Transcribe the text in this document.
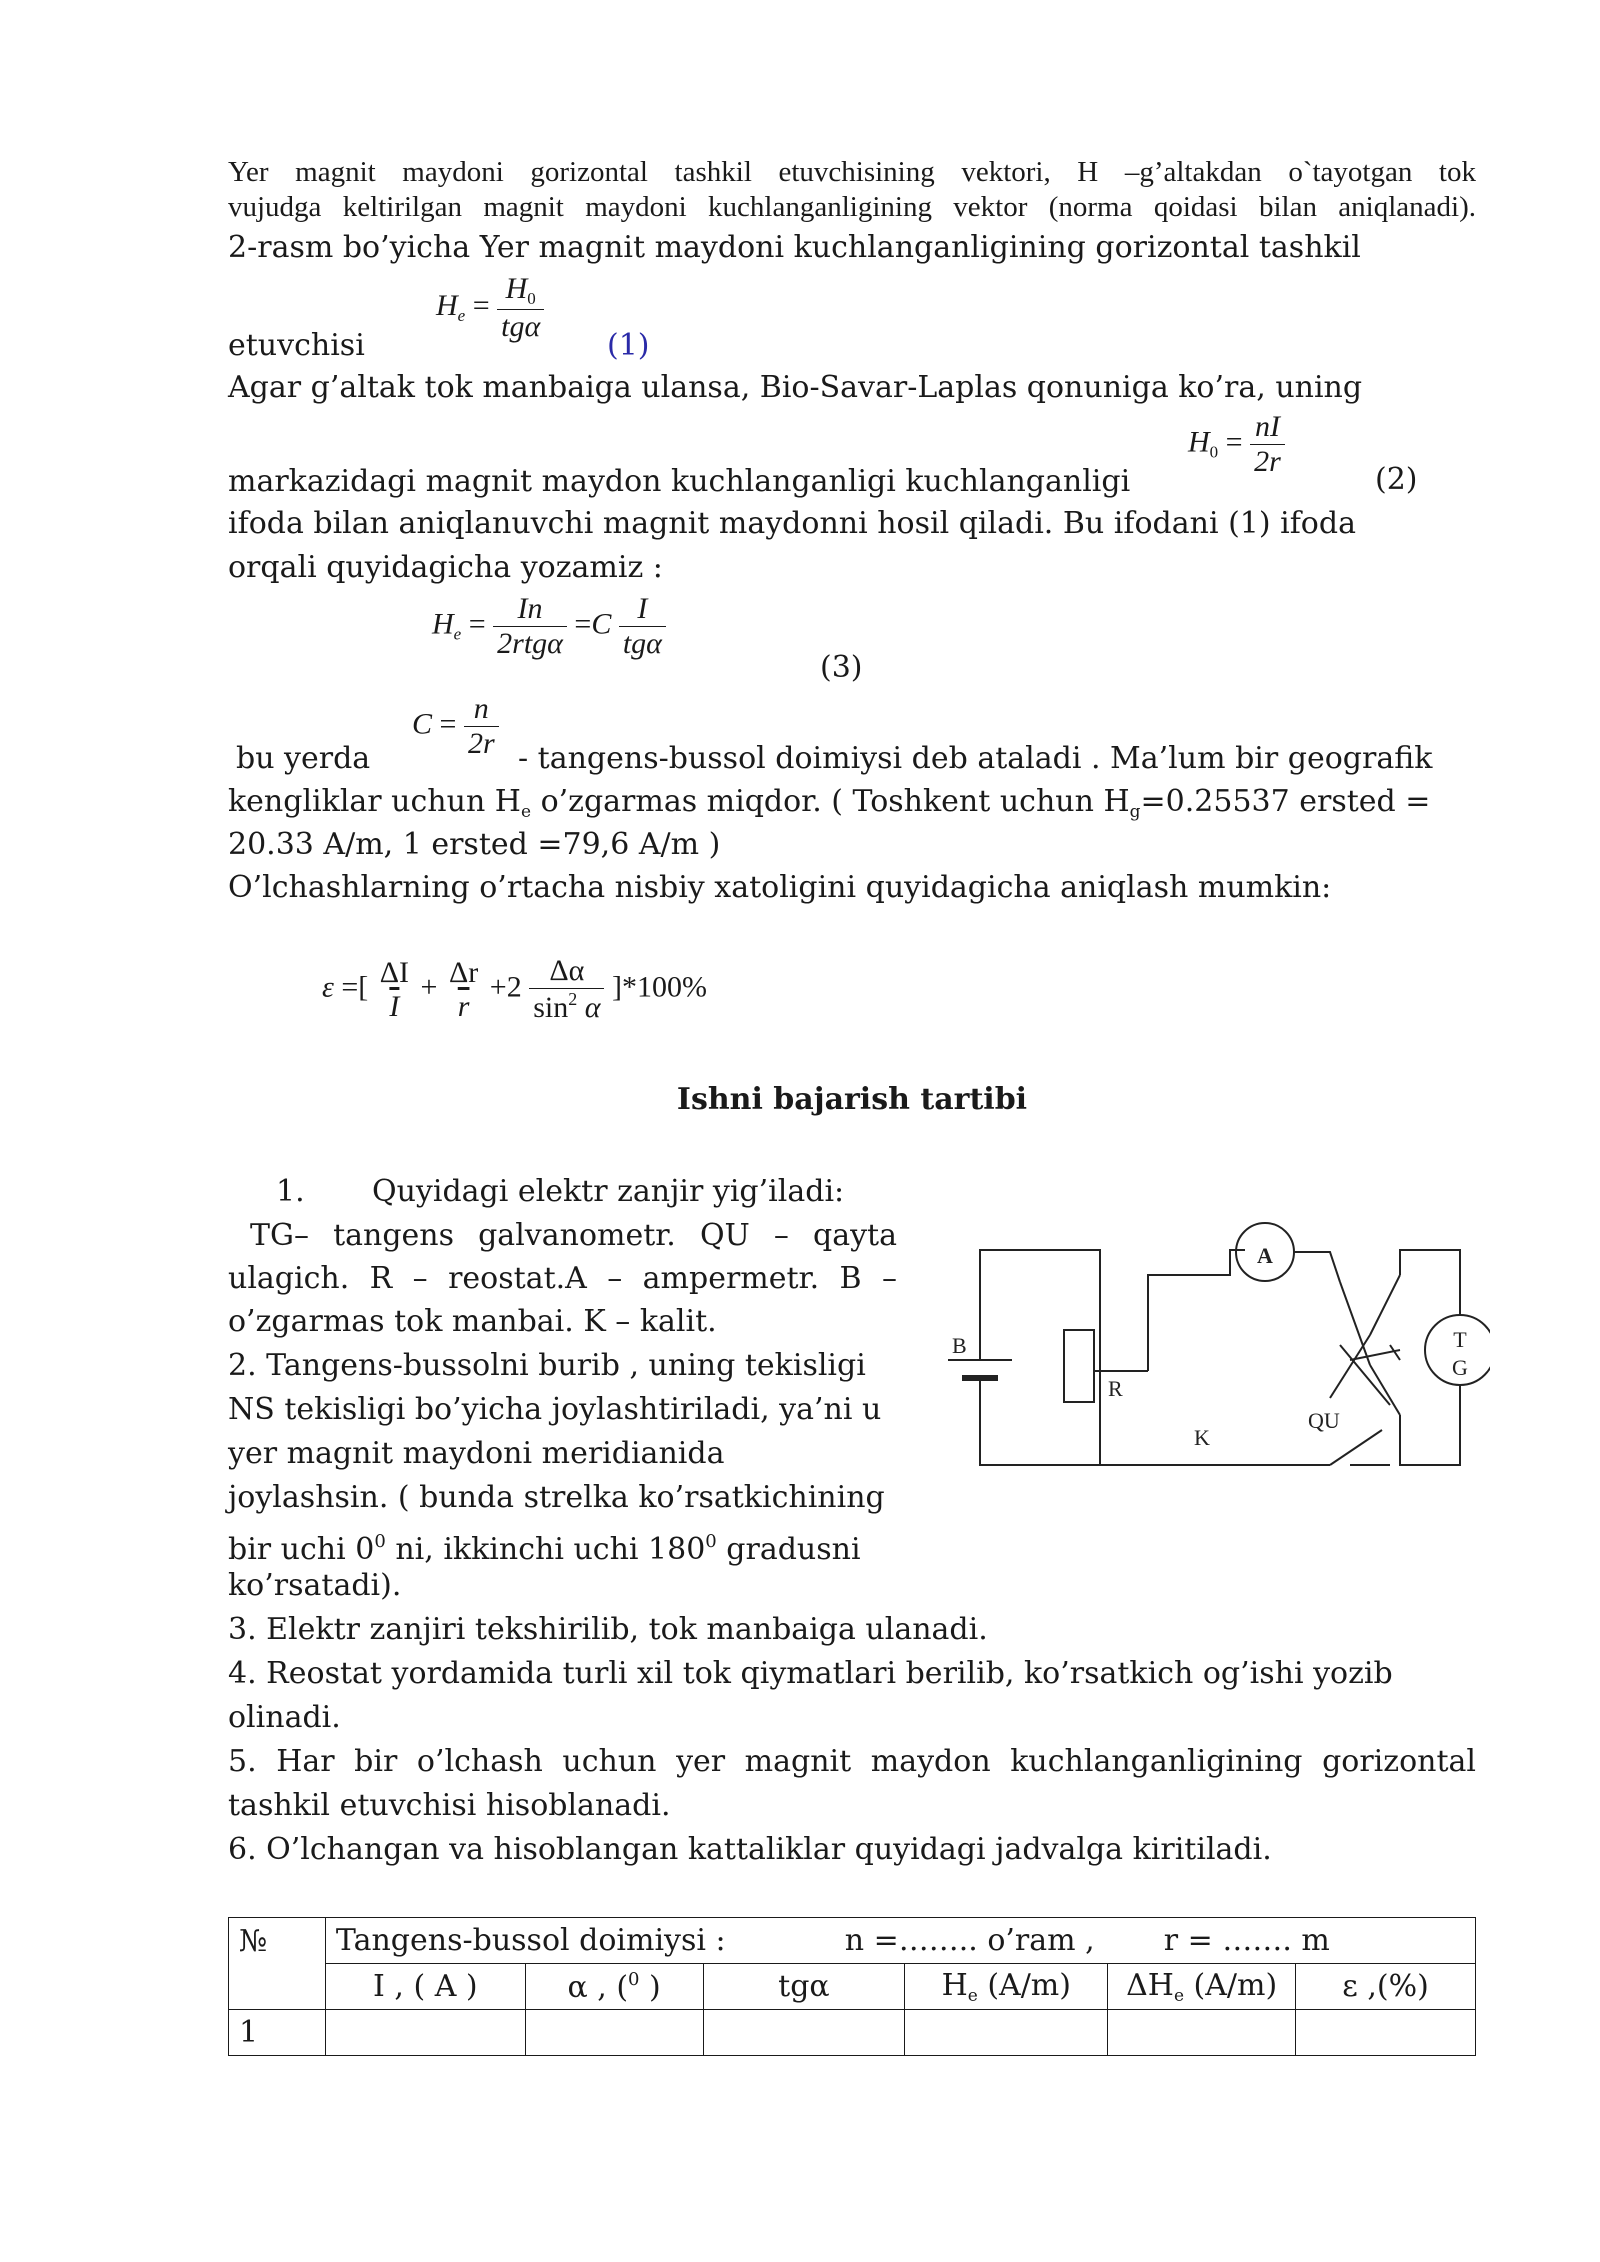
Yer magnit maydoni gorizontal tashkil etuvchisining vektori, H –g’altakdan o`tayotgan tok
vujudga keltirilgan magnit maydoni kuchlanganligining vektor (norma qoidasi bilan aniqlanadi).
2-rasm bo’yicha Yer magnit maydoni kuchlanganligining gorizontal tashkil
etuvchisi
$H_e = \frac{H_0}{\text{tgα}}$
(1)
Agar g’altak tok manbaiga ulansa, Bio-Savar-Laplas qonuniga ko’ra, uning
$H_0 = \frac{nI}{2r}$
(2)
markazidagi magnit maydon kuchlanganligi kuchlanganligi
ifoda bilan aniqlanuvchi magnit maydonni hosil qiladi. Bu ifodani (1) ifoda
orqali quyidagicha yozamiz :
$H_e = \frac{In}{\text{2rtgα}} =C \frac{I}{\text{tgα}}$
(3)
$C = \frac{n}{2r}$
bu yerda	- tangens-bussol doimiysi deb ataladi . Ma’lum bir geografik
kengliklar uchun $H_e$ o’zgarmas miqdor. ( Toshkent uchun $H_g=0.25537$ ersted =
20.33 A/m, 1 ersted =79,6 A/m )
O’lchashlarning o’rtacha nisbiy xatoligini quyidagicha aniqlash mumkin:
ε =[ $\frac{\Delta I}{I} + \frac{\Delta r}{r} +2 \frac{\Delta\alpha}{\sin^2 \alpha} ]*100\%$
Ishni bajarish tartibi
1. Quyidagi elektr zanjir yig’iladi:
TG– tangens galvanometr. QU – qayta
ulagich. R – reostat.A – ampermetr. B –
o’zgarmas tok manbai. K – kalit.
2. Tangens-bussolni burib , uning tekisligi
NS tekisligi bo’yicha joylashtiriladi, ya’ni u
yer magnit maydoni meridianida
joylashsin. ( bunda strelka ko’rsatkichining
bir uchi $0^0$ ni, ikkinchi uchi $180^0$ gradusni
ko’rsatadi).
3. Elektr zanjiri tekshirilib, tok manbaiga ulanadi.
4. Reostat yordamida turli xil tok qiymatlari berilib, ko’rsatkich og’ishi yozib
olinadi.
5. Har bir o’lchash uchun yer magnit maydon kuchlanganligining gorizontal
tashkil etuvchisi hisoblanadi.
6. O’lchangan va hisoblangan kattaliklar quyidagi jadvalga kiritiladi.
A
B
R
K
QU
T
G
№	Tangens-bussol doimiysi : n =…….. o’ram , r = ……. m					
	I , ( A )	α , ($^0$ )	tgα	$H_e$ (A/m)	$\Delta H_e$ (A/m)	ε ,(%)
1						
